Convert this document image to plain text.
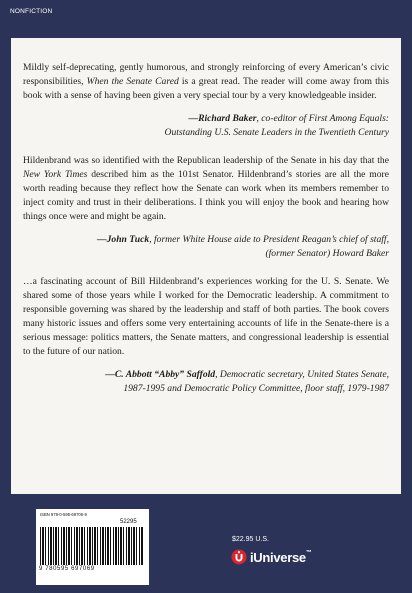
NONFICTION

Mildly self-deprecating, gently humorous, and strongly reinforcing of every American’s civic responsibilities, When the Senate Cared is a great read. The reader will come away from this book with a sense of having been given a very special tour by a very knowledgeable insider.

—Richard Baker, co-editor of First Among Equals:
Outstanding U.S. Senate Leaders in the Twentieth Century

Hildenbrand was so identified with the Republican leadership of the Senate in his day that the New York Times described him as the 101st Senator. Hildenbrand’s stories are all the more worth reading because they reflect how the Senate can work when its members remember to inject comity and trust in their deliberations. I think you will enjoy the book and hearing how things once were and might be again.

—John Tuck, former White House aide to President Reagan’s chief of staff,
(former Senator) Howard Baker

…a fascinating account of Bill Hildenbrand’s experiences working for the U. S. Senate. We shared some of those years while I worked for the Democratic leadership. A commitment to responsible governing was shared by the leadership and staff of both parties. The book covers many historic issues and offers some very entertaining accounts of life in the Senate-there is a serious message: politics matters, the Senate matters, and congressional leadership is essential to the future of our nation.

—C. Abbott “Abby” Saffold, Democratic secretary, United States Senate,
1987-1995 and Democratic Policy Committee, floor staff, 1979-1987

ISBN 978-0-595-69706-9
52295
9 780595 697069
www.iuniverse.com
$22.95 U.S.
iUniverse™
